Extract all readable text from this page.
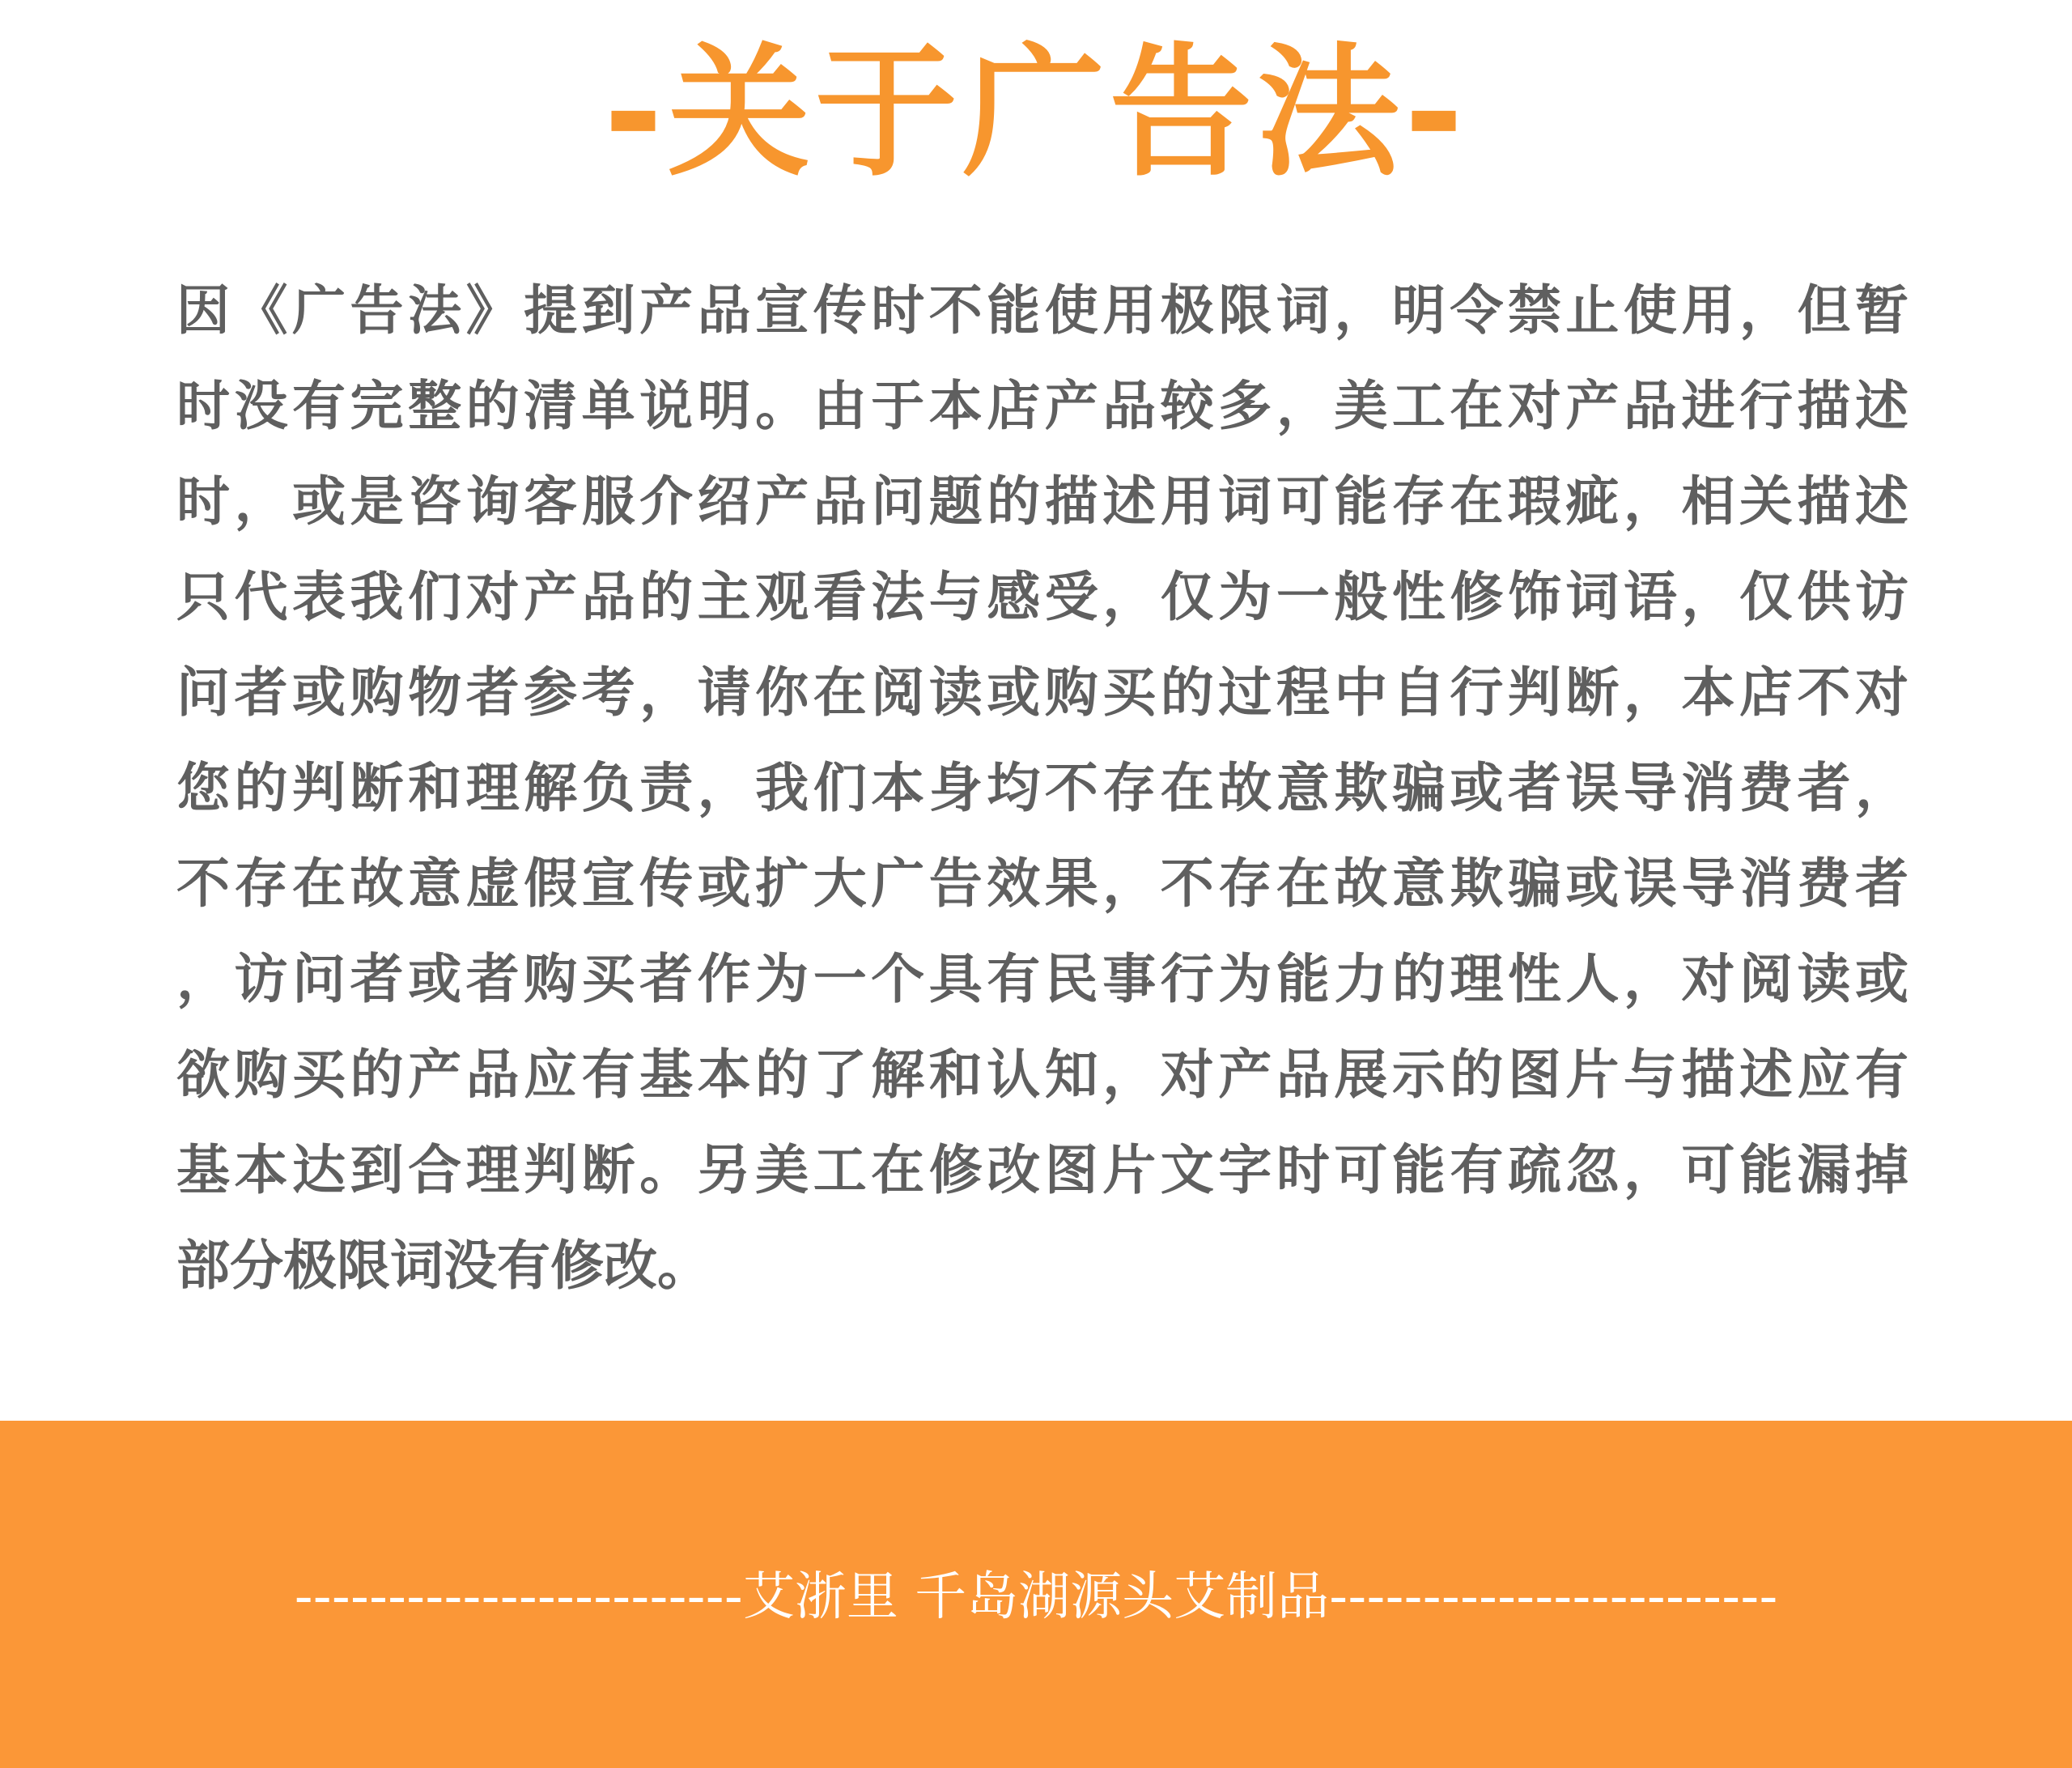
-关于广告法-
因《广告法》提到产品宣传时不能使用极限词，明令禁止使用，但暂
时没有完整的清单说明。由于本店产品较多，美工在对产品进行描述
时，或是咨询客服介绍产品问题的描述用词可能存在瑕疵，相关描述
只代表我们对产品的主观看法与感受，仅为一般性修饰词语，仅供访
问者或购物者参考，请你在阅读或购买的过程中自行判断，本店不对
您的判断和理解负责，我们本身均不存在故意欺骗或者误导消费者，
不存在故意虚假宣传或扩大广告效果，不存在故意欺骗或误导消费者
，访问者或者购买者作为一个具有民事行为能力的理性人，对阅读或
欲购买的产品应有基本的了解和认知，对产品展示的图片与描述应有
基本达到合理判断。另美工在修改图片文字时可能有疏忽，可能漏掉
部分极限词没有修改。
------------------------艾浙里 千岛湖源头艾制品------------------------
